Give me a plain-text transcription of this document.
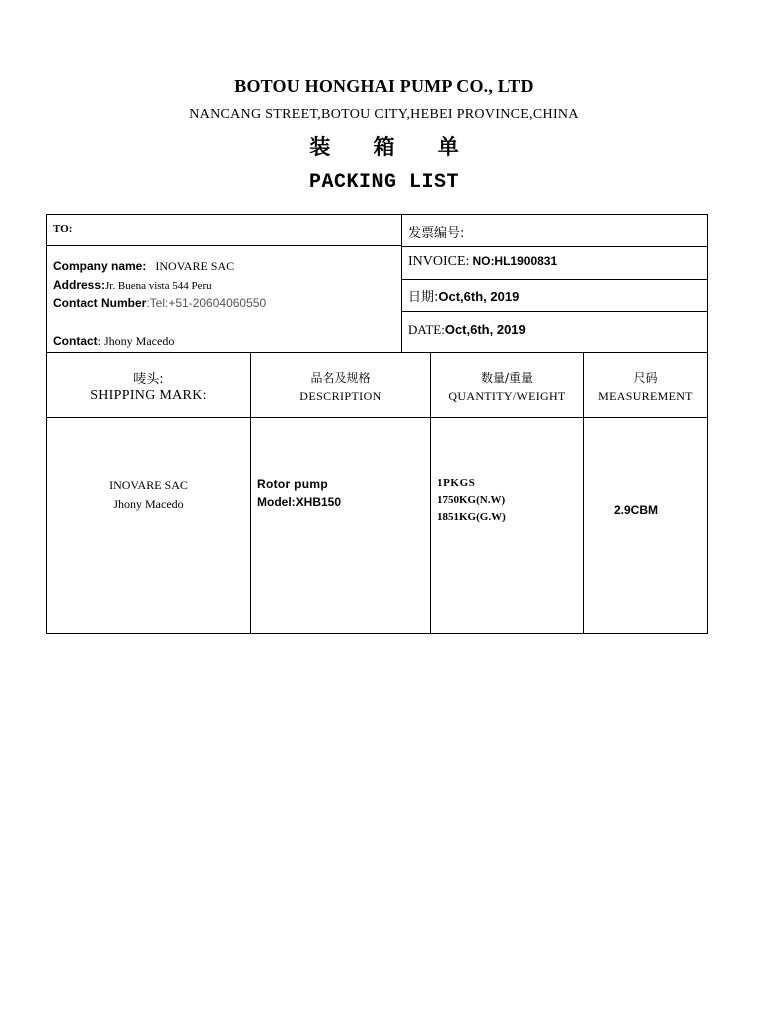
BOTOU HONGHAI PUMP CO., LTD
NANCANG STREET,BOTOU CITY,HEBEI PROVINCE,CHINA
装 箱 单
PACKING LIST
TO:
Company name: INOVARE SAC
Address:Jr. Buena vista 544 Peru
Contact Number:Tel:+51-20604060550
Contact: Jhony Macedo
发票编号:
INVOICE: NO:HL1900831
日期:Oct,6th, 2019
DATE:Oct,6th, 2019
唛头:
SHIPPING MARK:
品名及规格
DESCRIPTION
数量/重量
QUANTITY/WEIGHT
尺码
MEASUREMENT
INOVARE SAC
Jhony Macedo
Rotor pump
Model:XHB150
1PKGS
1750KG(N.W)
1851KG(G.W)	2.9CBM
